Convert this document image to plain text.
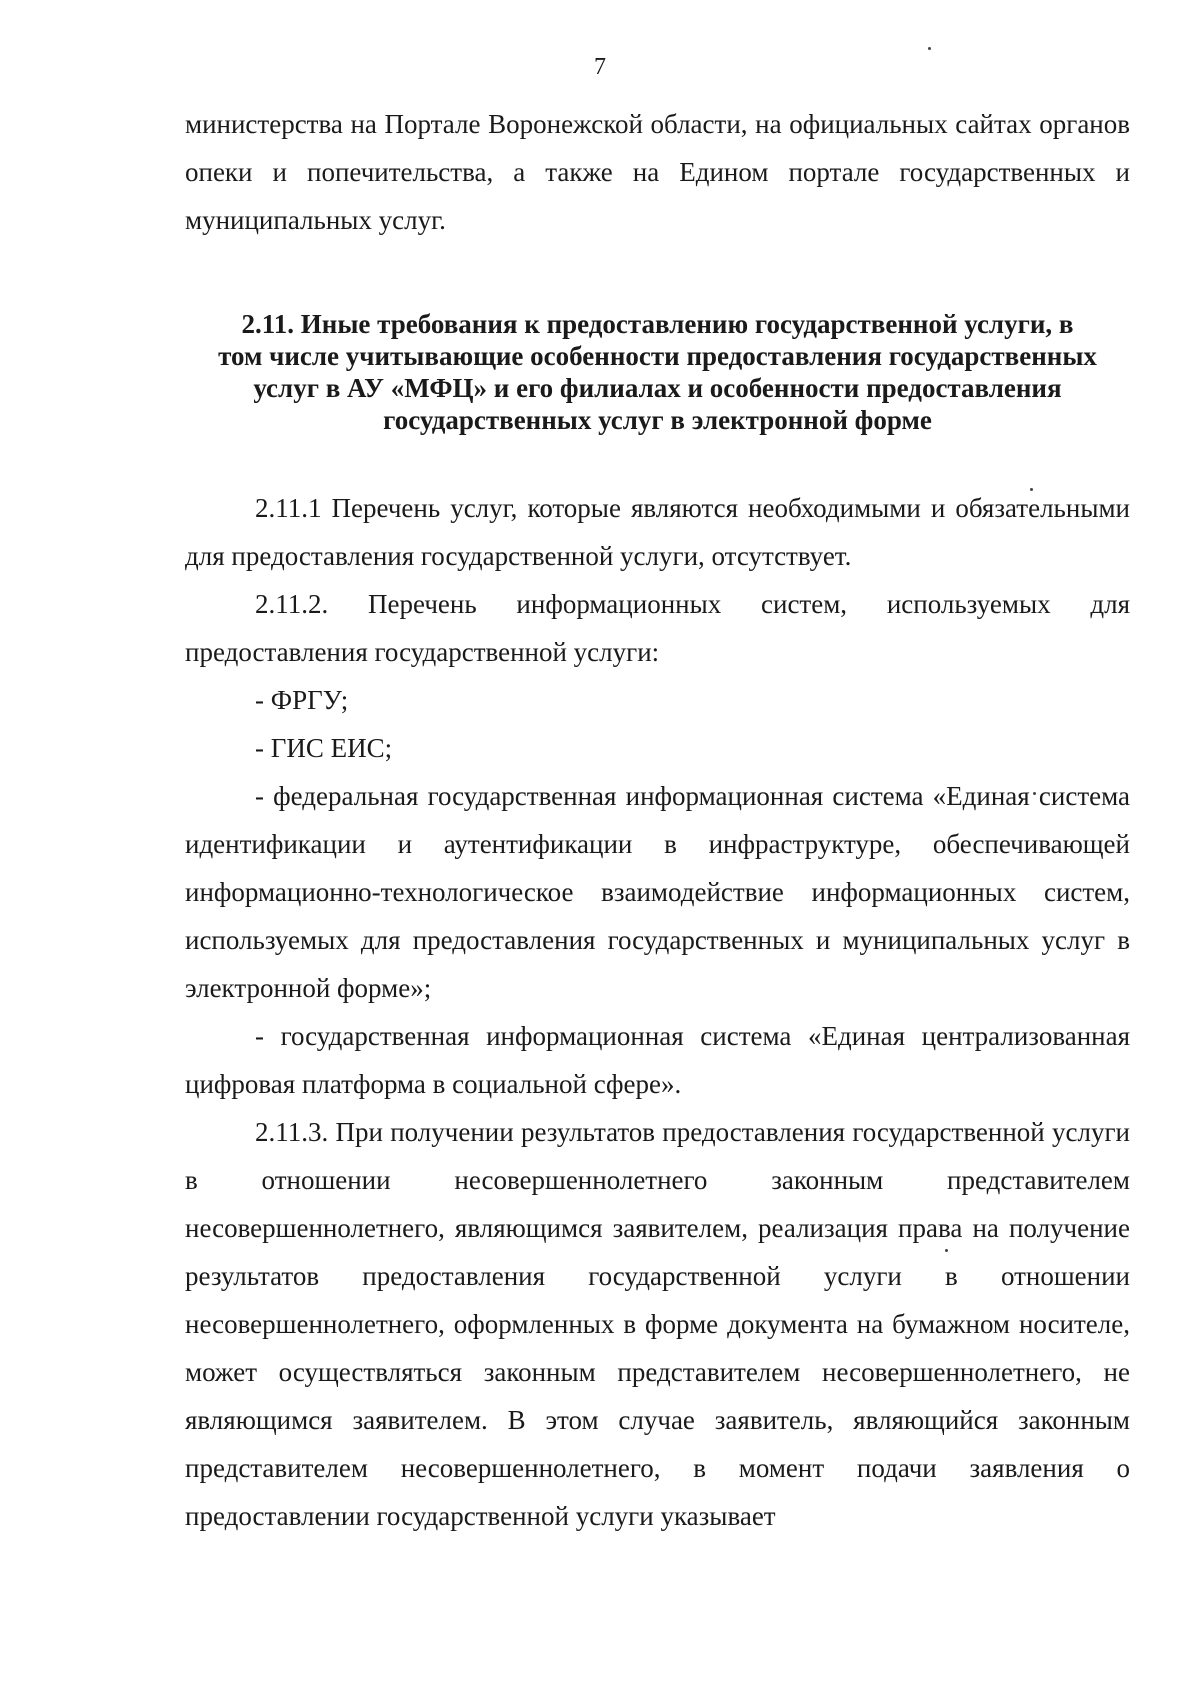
7

министерства на Портале Воронежской области, на официальных сайтах органов опеки и попечительства, а также на Едином портале государственных и муниципальных услуг.

2.11. Иные требования к предоставлению государственной услуги, в

том числе учитывающие особенности предоставления государственных

услуг в АУ «МФЦ» и его филиалах и особенности предоставления

государственных услуг в электронной форме

2.11.1 Перечень услуг, которые являются необходимыми и обязательными для предоставления государственной услуги, отсутствует.

2.11.2. Перечень информационных систем, используемых для предоставления государственной услуги:

- ФРГУ;

- ГИС ЕИС;

- федеральная государственная информационная система «Единая система идентификации и аутентификации в инфраструктуре, обеспечивающей информационно-технологическое взаимодействие информационных систем, используемых для предоставления государственных и муниципальных услуг в электронной форме»;

- государственная информационная система «Единая централизованная цифровая платформа в социальной сфере».

2.11.3. При получении результатов предоставления государственной услуги в отношении несовершеннолетнего законным представителем несовершеннолетнего, являющимся заявителем, реализация права на получение результатов предоставления государственной услуги в отношении несовершеннолетнего, оформленных в форме документа на бумажном носителе, может осуществляться законным представителем несовершеннолетнего, не являющимся заявителем. В этом случае заявитель, являющийся законным представителем несовершеннолетнего, в момент подачи заявления о предоставлении государственной услуги указывает
